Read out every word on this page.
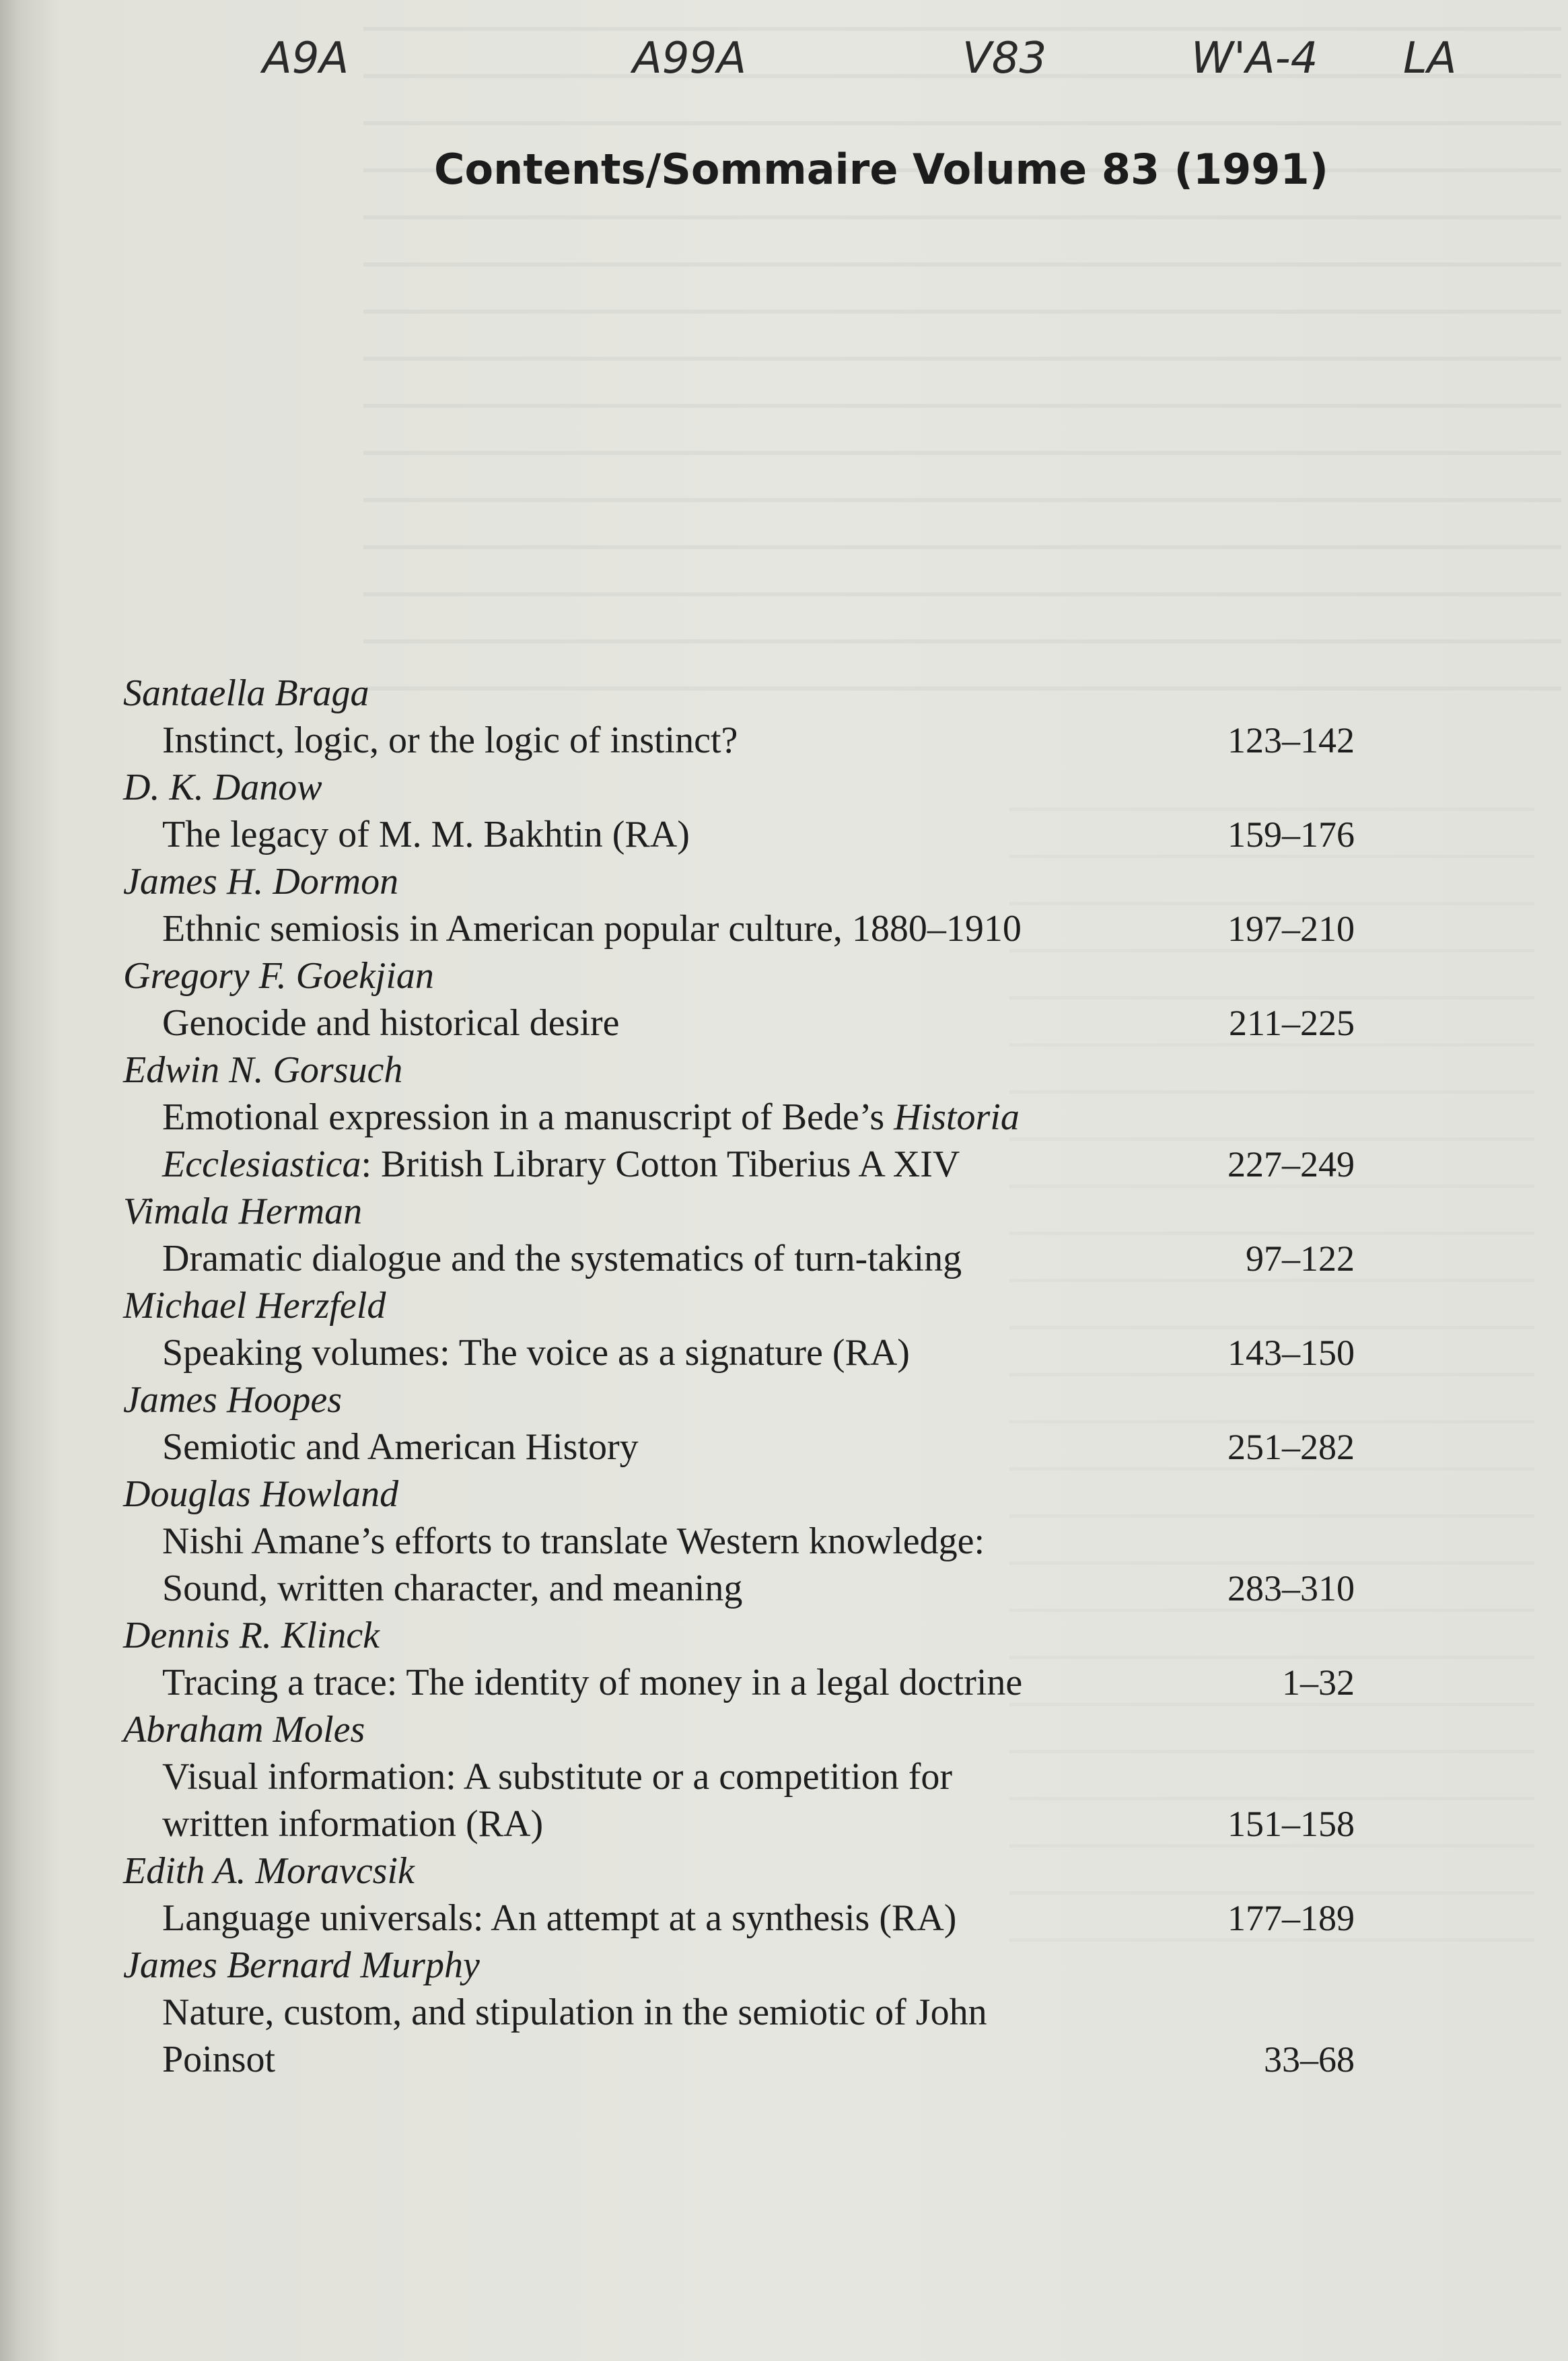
A9A	A99A	V83	W'A-4 LA
Contents/Sommaire Volume 83 (1991)
Santaella Braga
Instinct, logic, or the logic of instinct?	123–142
D. K. Danow
The legacy of M. M. Bakhtin (RA)	159–176
James H. Dormon
Ethnic semiosis in American popular culture, 1880–1910	197–210
Gregory F. Goekjian
Genocide and historical desire	211–225
Edwin N. Gorsuch
Emotional expression in a manuscript of Bede’s Historia
Ecclesiastica: British Library Cotton Tiberius A XIV	227–249
Vimala Herman
Dramatic dialogue and the systematics of turn-taking	97–122
Michael Herzfeld
Speaking volumes: The voice as a signature (RA)	143–150
James Hoopes
Semiotic and American History	251–282
Douglas Howland
Nishi Amane’s efforts to translate Western knowledge:
Sound, written character, and meaning	283–310
Dennis R. Klinck
Tracing a trace: The identity of money in a legal doctrine	1–32
Abraham Moles
Visual information: A substitute or a competition for
written information (RA)	151–158
Edith A. Moravcsik
Language universals: An attempt at a synthesis (RA)	177–189
James Bernard Murphy
Nature, custom, and stipulation in the semiotic of John
Poinsot	33–68
